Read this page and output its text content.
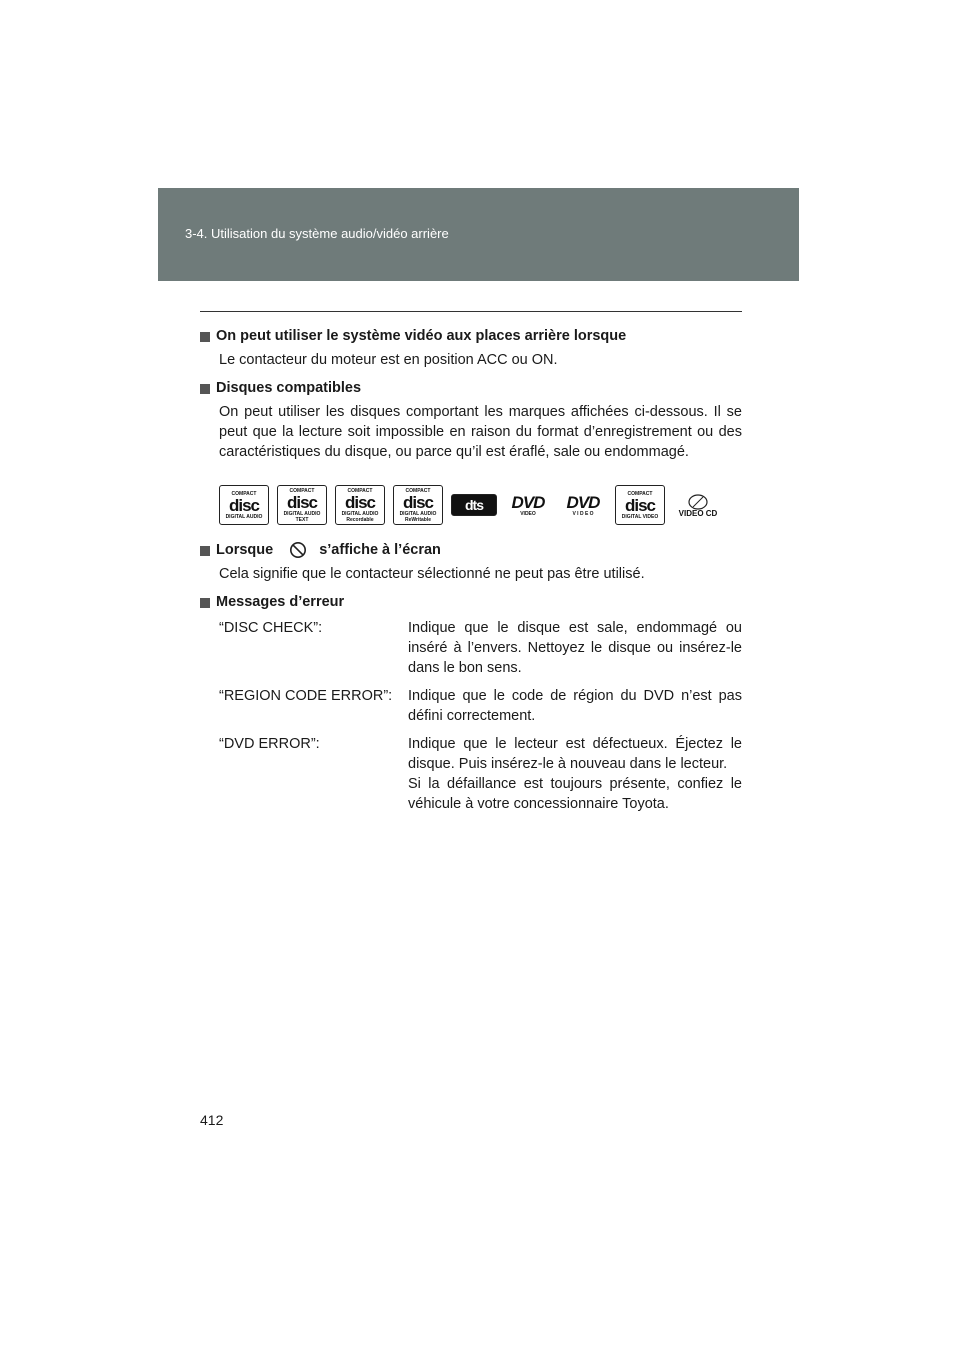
3-4. Utilisation du système audio/vidéo arrière
On peut utiliser le système vidéo aux places arrière lorsque
Le contacteur du moteur est en position ACC ou ON.
Disques compatibles
On peut utiliser les disques comportant les marques affichées ci-dessous. Il se peut que la lecture soit impossible en raison du format d’enregistrement ou des caractéristiques du disque, ou parce qu’il est éraflé, sale ou endommagé.
COMPACT
disc
DIGITAL AUDIO
COMPACT
disc
DIGITAL AUDIO
TEXT
COMPACT
disc
DIGITAL AUDIO
Recordable
COMPACT
disc
DIGITAL AUDIO
ReWritable
dts DVD
VIDEO
DVD
V I D E O
COMPACT
disc
DIGITAL VIDEO	VIDEO CD
Lorsque	s’affiche à l’écran
Cela signifie que le contacteur sélectionné ne peut pas être utilisé.
Messages d’erreur
“DISC CHECK”:	Indique que le disque est sale, endommagé ou inséré à l’envers. Nettoyez le disque ou insérez-le dans le bon sens.
“REGION CODE ERROR”:	Indique que le code de région du DVD n’est pas défini correctement.
“DVD ERROR”:	Indique que le lecteur est défectueux. Éjectez le disque. Puis insérez-le à nouveau dans le lecteur.
Si la défaillance est toujours présente, confiez le véhicule à votre concessionnaire Toyota.
412
